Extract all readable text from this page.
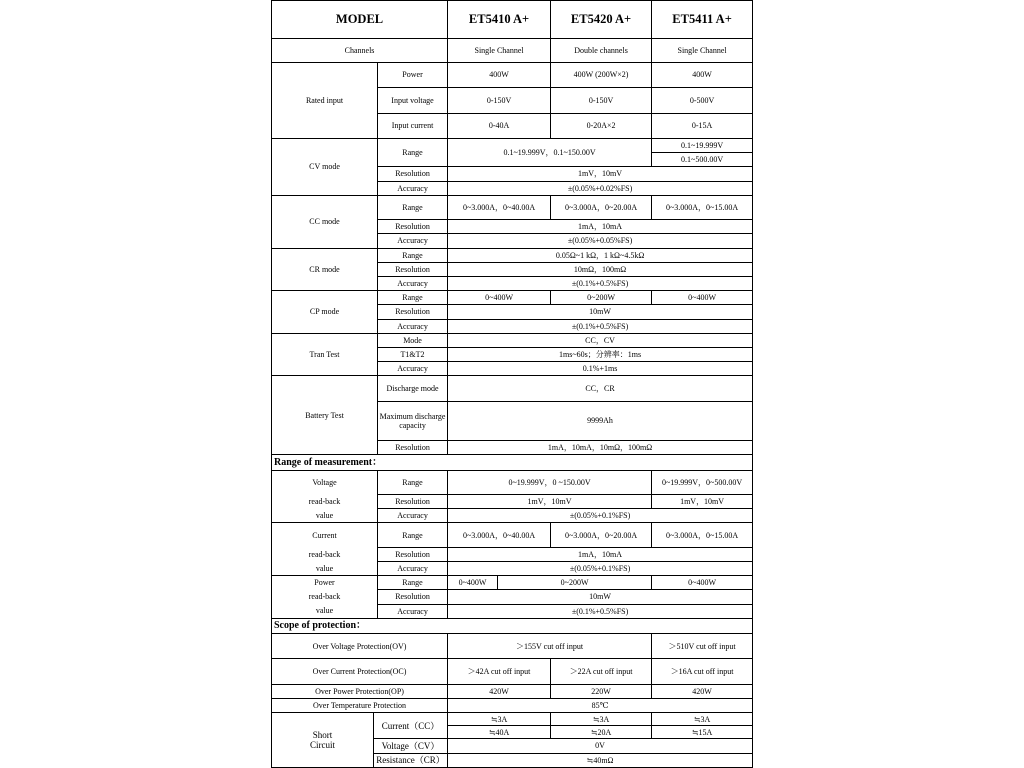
MODEL			ET5410 A+		ET5420 A+	ET5411 A+
Channels			Single Channel		Double channels	Single Channel
Rated input		Power	400W		400W (200W×2)	400W
		Input voltage	0-150V		0-150V	0-500V
		Input current	0-40A		0-20A×2	0-15A
CV mode		Range	0.1~19.999V，0.1~150.00V			0.1~19.999V
						0.1~500.00V
		Resolution	1mV，10mV			
		Accuracy	±(0.05%+0.02%FS)			
CC mode		Range	0~3.000A，0~40.00A		0~3.000A，0~20.00A	0~3.000A，0~15.00A
		Resolution	1mA，10mA			
		Accuracy	±(0.05%+0.05%FS)			
CR mode		Range	0.05Ω~1 kΩ，1 kΩ~4.5kΩ			
		Resolution	10mΩ，100mΩ			
		Accuracy	±(0.1%+0.5%FS)			
CP mode		Range	0~400W		0~200W	0~400W
		Resolution	10mW			
		Accuracy	±(0.1%+0.5%FS)			
Tran Test		Mode	CC，CV			
		T1&T2	1ms~60s；分辨率：1ms			
		Accuracy	0.1%+1ms			
Battery Test		Discharge mode	CC，CR			
		Maximum discharge capacity	9999Ah			
		Resolution	1mA，10mA，10mΩ，100mΩ			
Range of measurement：						
Voltage		Range	0~19.999V，0 ~150.00V			0~19.999V，0~500.00V
read-back		Resolution	1mV，10mV			1mV，10mV
value		Accuracy	±(0.05%+0.1%FS)			
Current		Range	0~3.000A，0~40.00A		0~3.000A，0~20.00A	0~3.000A，0~15.00A
read-back		Resolution	1mA，10mA			
value		Accuracy	±(0.05%+0.1%FS)			
Power		Range	0~400W	0~200W		0~400W
read-back		Resolution	10mW			
value		Accuracy	±(0.1%+0.5%FS)			
Scope of protection：						
Over Voltage Protection(OV)			＞155V cut off input			＞510V cut off input
Over Current Protection(OC)			＞42A cut off input		＞22A cut off input	＞16A cut off input
Over Power Protection(OP)			420W		220W	420W
Over Temperature Protection			85℃			
Short
Circuit	Current（CC）		≒3A		≒3A	≒3A
			≒40A		≒20A	≒15A
	Voltage（CV）		0V			
	Resistance（CR）		≒40mΩ			
